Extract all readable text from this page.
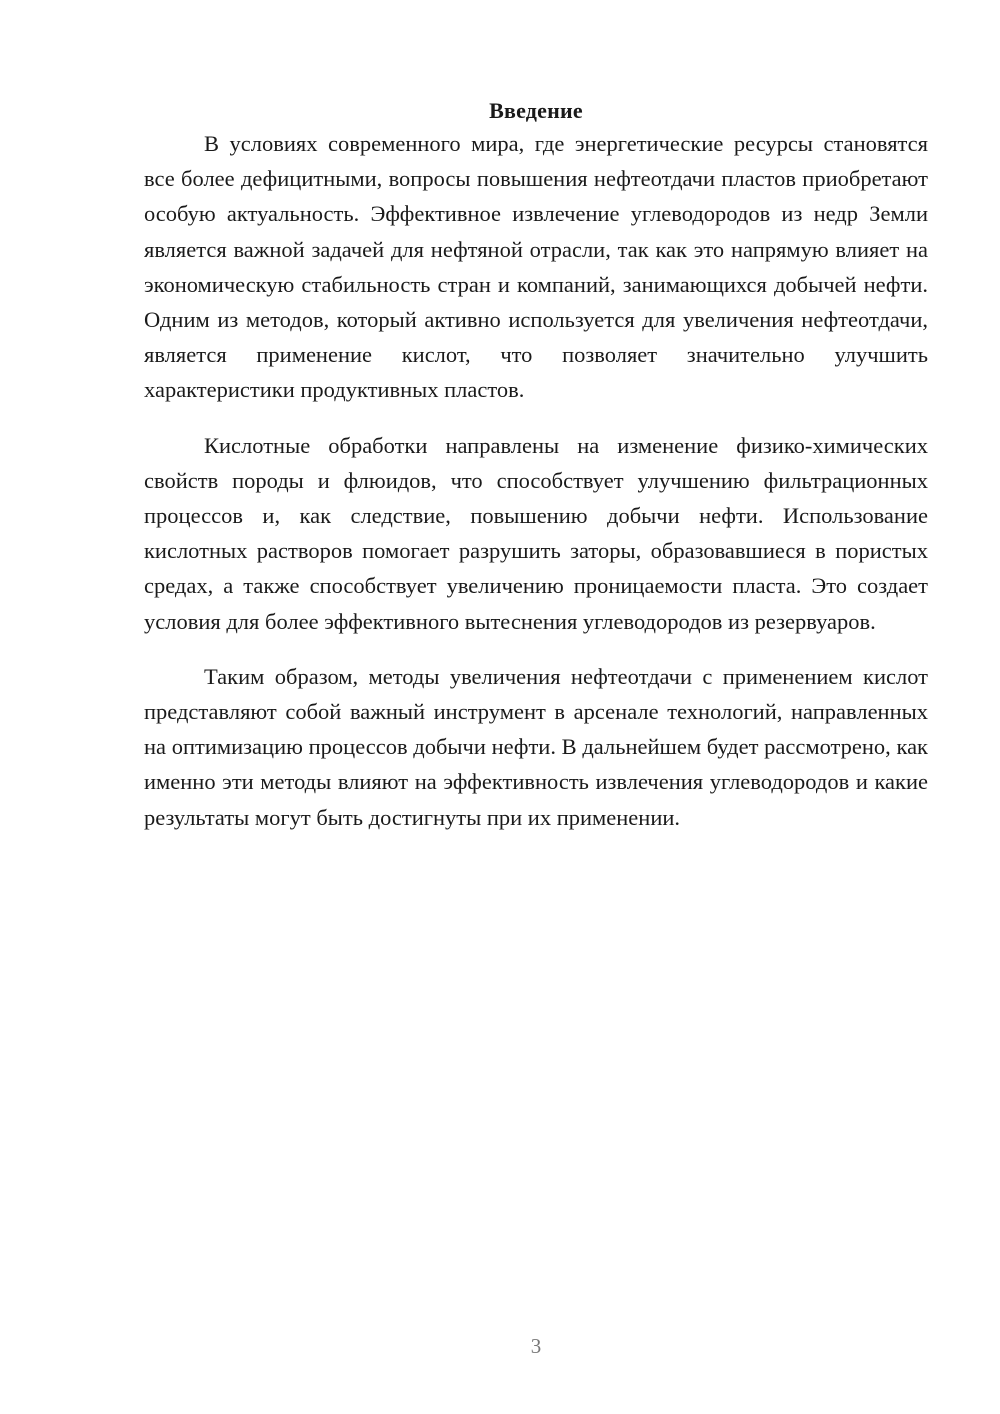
Введение

В условиях современного мира, где энергетические ресурсы становятся все более дефицитными, вопросы повышения нефтеотдачи пластов приобретают особую актуальность. Эффективное извлечение углеводородов из недр Земли является важной задачей для нефтяной отрасли, так как это напрямую влияет на экономическую стабильность стран и компаний, занимающихся добычей нефти. Одним из методов, который активно используется для увеличения нефтеотдачи, является применение кислот, что позволяет значительно улучшить характеристики продуктивных пластов.

Кислотные обработки направлены на изменение физико-химических свойств породы и флюидов, что способствует улучшению фильтрационных процессов и, как следствие, повышению добычи нефти. Использование кислотных растворов помогает разрушить заторы, образовавшиеся в пористых средах, а также способствует увеличению проницаемости пласта. Это создает условия для более эффективного вытеснения углеводородов из резервуаров.

Таким образом, методы увеличения нефтеотдачи с применением кислот представляют собой важный инструмент в арсенале технологий, направленных на оптимизацию процессов добычи нефти. В дальнейшем будет рассмотрено, как именно эти методы влияют на эффективность извлечения углеводородов и какие результаты могут быть достигнуты при их применении.

3
